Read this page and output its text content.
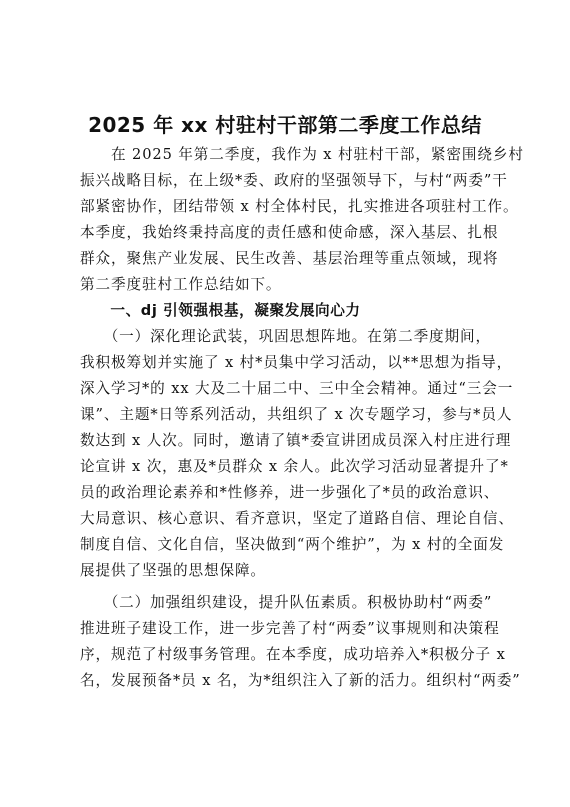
2025 年 xx 村驻村干部第二季度工作总结
　　在 2025 年第二季度，我作为 x 村驻村干部，紧密围绕乡村
振兴战略目标，在上级*委、政府的坚强领导下，与村“两委”干
部紧密协作，团结带领 x 村全体村民，扎实推进各项驻村工作。
本季度，我始终秉持高度的责任感和使命感，深入基层、扎根
群众，聚焦产业发展、民生改善、基层治理等重点领域，现将
第二季度驻村工作总结如下。
　　一、dj 引领强根基，凝聚发展向心力
　　（一）深化理论武装，巩固思想阵地。在第二季度期间，
我积极筹划并实施了 x 村*员集中学习活动，以**思想为指导，
深入学习*的 xx 大及二十届二中、三中全会精神。通过“三会一
课”、主题*日等系列活动，共组织了 x 次专题学习，参与*员人
数达到 x 人次。同时，邀请了镇*委宣讲团成员深入村庄进行理
论宣讲 x 次，惠及*员群众 x 余人。此次学习活动显著提升了*
员的政治理论素养和*性修养，进一步强化了*员的政治意识、
大局意识、核心意识、看齐意识，坚定了道路自信、理论自信、
制度自信、文化自信，坚决做到“两个维护”，为 x 村的全面发
展提供了坚强的思想保障。
　　（二）加强组织建设，提升队伍素质。积极协助村“两委”
推进班子建设工作，进一步完善了村“两委”议事规则和决策程
序，规范了村级事务管理。在本季度，成功培养入*积极分子 x
名，发展预备*员 x 名，为*组织注入了新的活力。组织村“两委”
